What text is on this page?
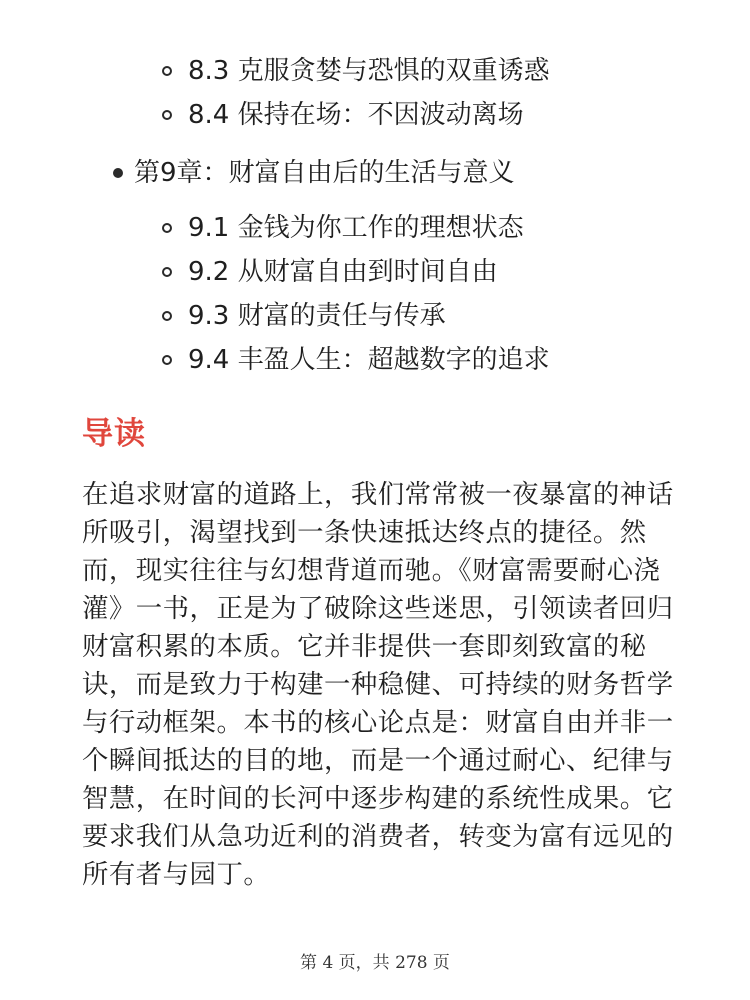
8.3 克服贪婪与恐惧的双重诱惑
8.4 保持在场：不因波动离场
第9章：财富自由后的生活与意义
9.1 金钱为你工作的理想状态
9.2 从财富自由到时间自由
9.3 财富的责任与传承
9.4 丰盈人生：超越数字的追求
导读

在追求财富的道路上，我们常常被一夜暴富的神话所吸引，渴望找到一条快速抵达终点的捷径。然而，现实往往与幻想背道而驰。《财富需要耐心浇灌》一书，正是为了破除这些迷思，引领读者回归财富积累的本质。它并非提供一套即刻致富的秘诀，而是致力于构建一种稳健、可持续的财务哲学与行动框架。本书的核心论点是：财富自由并非一个瞬间抵达的目的地，而是一个通过耐心、纪律与智慧，在时间的长河中逐步构建的系统性成果。它要求我们从急功近利的消费者，转变为富有远见的所有者与园丁。

第 4 页，共 278 页
